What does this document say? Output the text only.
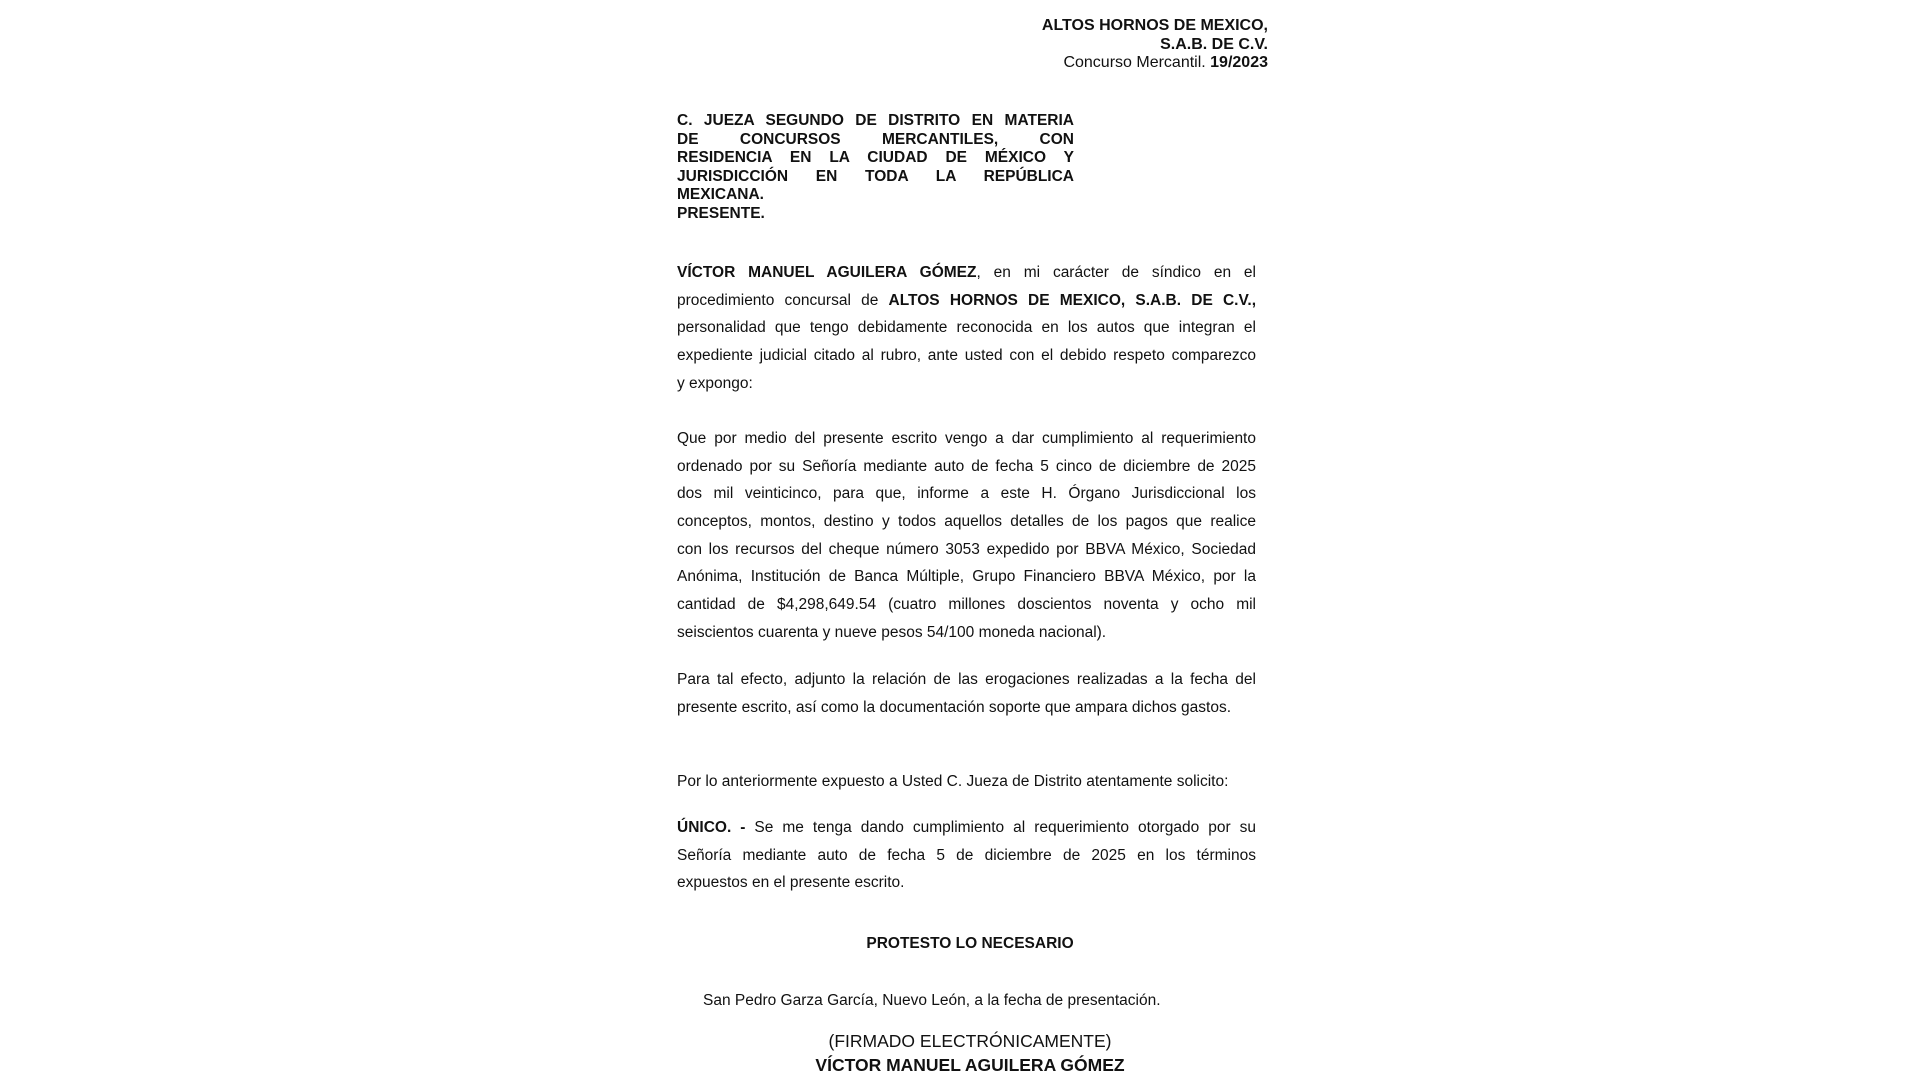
ALTOS HORNOS DE MEXICO,
S.A.B. DE C.V.
Concurso Mercantil. 19/2023
C. JUEZA SEGUNDO DE DISTRITO EN MATERIA
DE CONCURSOS MERCANTILES, CON
RESIDENCIA EN LA CIUDAD DE MÉXICO Y
JURISDICCIÓN EN TODA LA REPÚBLICA
MEXICANA.
PRESENTE.
VÍCTOR MANUEL AGUILERA GÓMEZ, en mi carácter de síndico en el
procedimiento concursal de ALTOS HORNOS DE MEXICO, S.A.B. DE C.V.,
personalidad que tengo debidamente reconocida en los autos que integran el
expediente judicial citado al rubro, ante usted con el debido respeto comparezco
y expongo:
Que por medio del presente escrito vengo a dar cumplimiento al requerimiento
ordenado por su Señoría mediante auto de fecha 5 cinco de diciembre de 2025
dos mil veinticinco, para que, informe a este H. Órgano Jurisdiccional los
conceptos, montos, destino y todos aquellos detalles de los pagos que realice
con los recursos del cheque número 3053 expedido por BBVA México, Sociedad
Anónima, Institución de Banca Múltiple, Grupo Financiero BBVA México, por la
cantidad de $4,298,649.54 (cuatro millones doscientos noventa y ocho mil
seiscientos cuarenta y nueve pesos 54/100 moneda nacional).
Para tal efecto, adjunto la relación de las erogaciones realizadas a la fecha del
presente escrito, así como la documentación soporte que ampara dichos gastos.
Por lo anteriormente expuesto a Usted C. Jueza de Distrito atentamente solicito:
ÚNICO. - Se me tenga dando cumplimiento al requerimiento otorgado por su
Señoría mediante auto de fecha 5 de diciembre de 2025 en los términos
expuestos en el presente escrito.
PROTESTO LO NECESARIO
San Pedro Garza García, Nuevo León, a la fecha de presentación.
(FIRMADO ELECTRÓNICAMENTE)
VÍCTOR MANUEL AGUILERA GÓMEZ
